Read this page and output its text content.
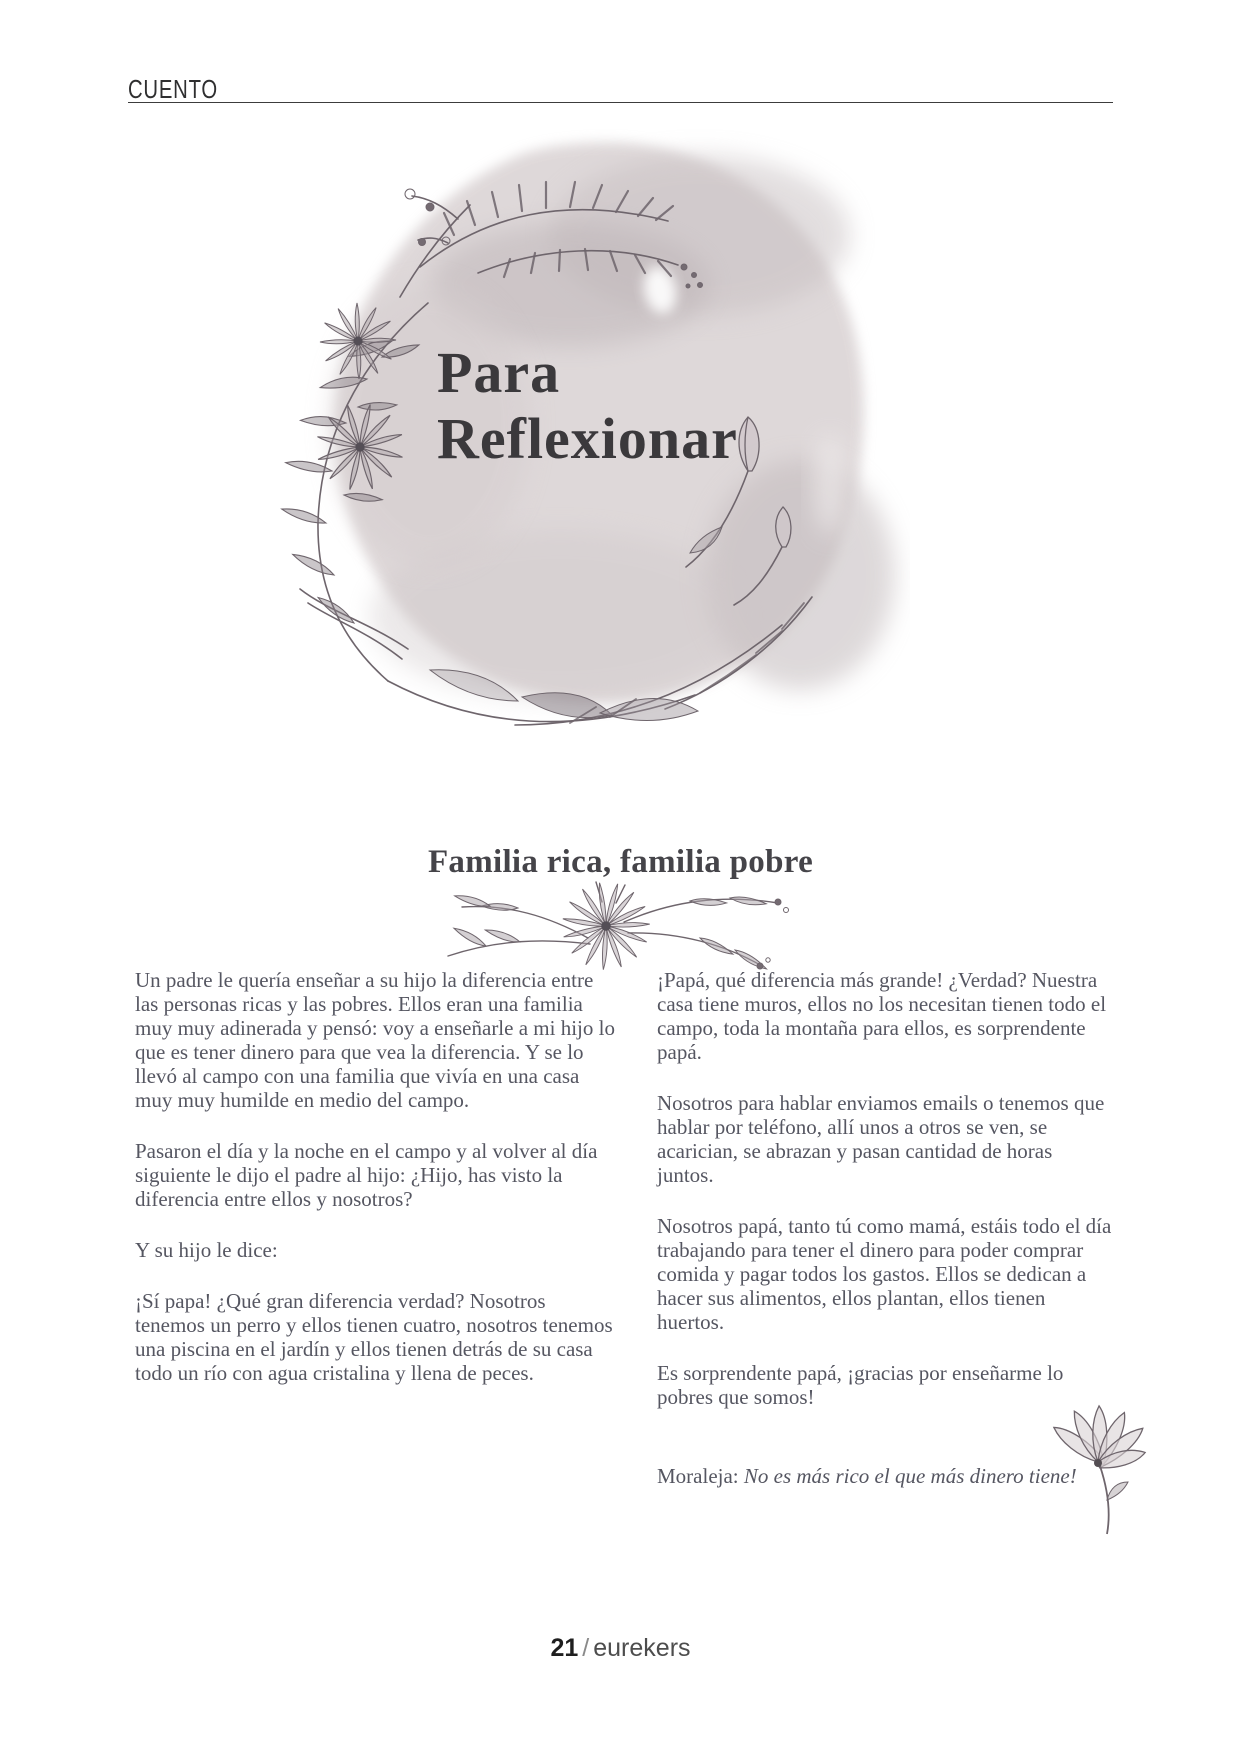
CUENTO
Para
Reflexionar
Familia rica, familia pobre

Un padre le quería enseñar a su hijo la diferencia entre las personas ricas y las pobres. Ellos eran una familia muy muy adinerada y pensó: voy a enseñarle a mi hijo lo que es tener dinero para que vea la diferencia. Y se lo llevó al campo con una familia que vivía en una casa muy muy humilde en medio del campo.

Pasaron el día y la noche en el campo y al volver al día siguiente le dijo el padre al hijo: ¿Hijo, has visto la diferencia entre ellos y nosotros?

Y su hijo le dice:

¡Sí papa! ¿Qué gran diferencia verdad? Nosotros tenemos un perro y ellos tienen cuatro, nosotros tenemos una piscina en el jardín y ellos tienen detrás de su casa todo un río con agua cristalina y llena de peces.

¡Papá, qué diferencia más grande! ¿Verdad? Nuestra casa tiene muros, ellos no los necesitan tienen todo el campo, toda la montaña para ellos, es sorprendente papá.

Nosotros para hablar enviamos emails o tenemos que hablar por teléfono, allí unos a otros se ven, se acarician, se abrazan y pasan cantidad de horas juntos.

Nosotros papá, tanto tú como mamá, estáis todo el día trabajando para tener el dinero para poder comprar comida y pagar todos los gastos. Ellos se dedican a hacer sus alimentos, ellos plantan, ellos tienen huertos.

Es sorprendente papá, ¡gracias por enseñarme lo pobres que somos!

Moraleja: No es más rico el que más dinero tiene!

21 / eurekers
